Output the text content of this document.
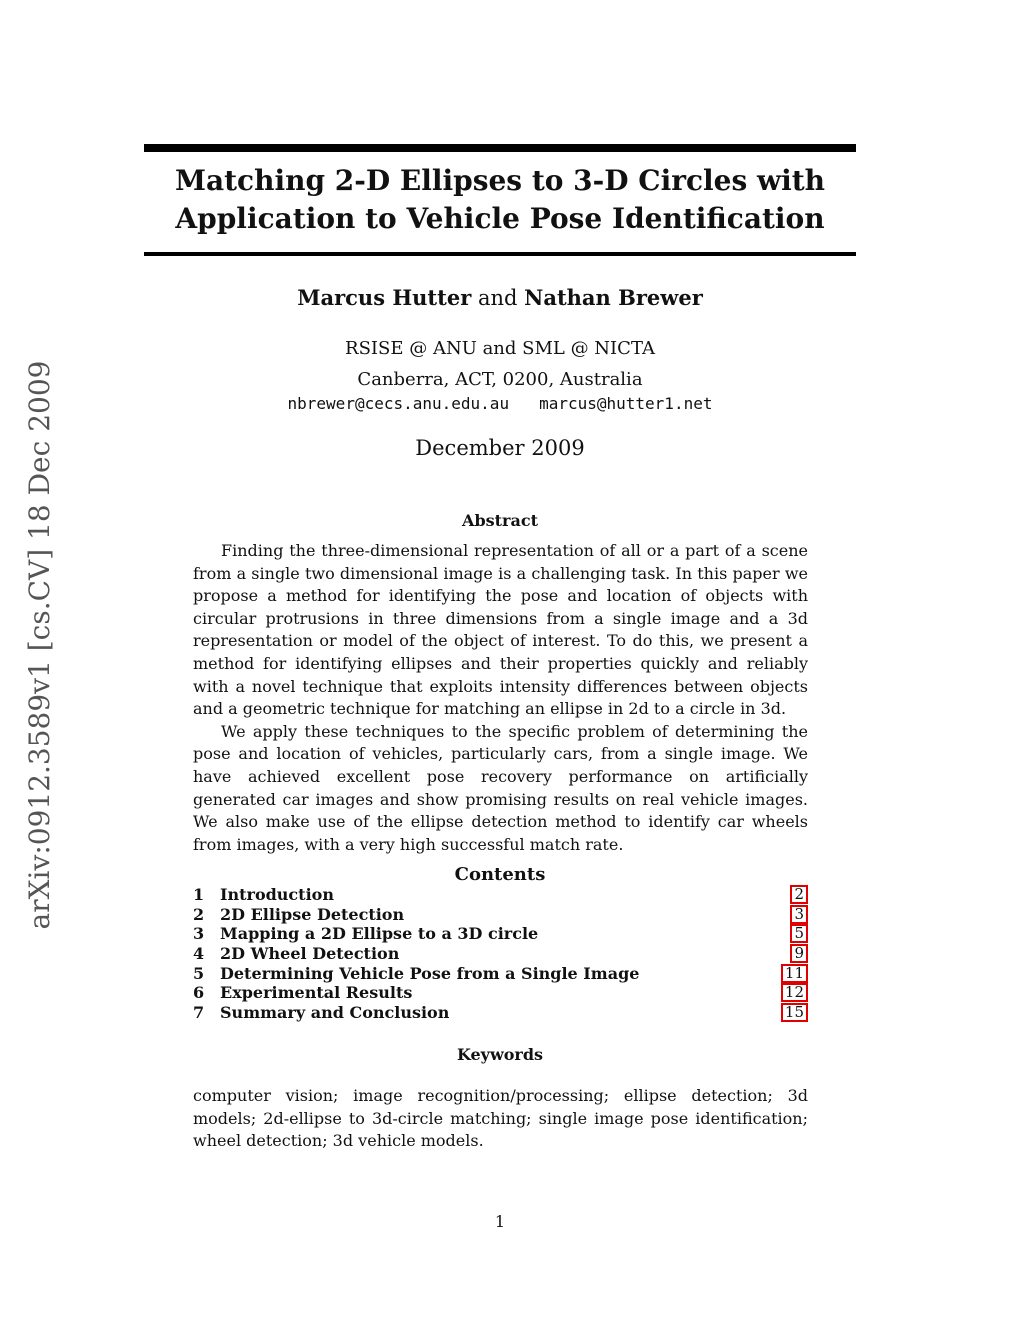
arXiv:0912.3589v1 [cs.CV] 18 Dec 2009
Matching 2-D Ellipses to 3-D Circles with
Application to Vehicle Pose Identification
Marcus Hutter and Nathan Brewer
RSISE @ ANU and SML @ NICTA
Canberra, ACT, 0200, Australia
nbrewer@cecs.anu.edu.au marcus@hutter1.net
December 2009
Abstract

Finding the three-dimensional representation of all or a part of a scene from a single two dimensional image is a challenging task. In this paper we propose a method for identifying the pose and location of objects with circular protrusions in three dimensions from a single image and a 3d representation or model of the object of interest. To do this, we present a method for identifying ellipses and their properties quickly and reliably with a novel technique that exploits intensity differences between objects and a geometric technique for matching an ellipse in 2d to a circle in 3d.

We apply these techniques to the specific problem of determining the pose and location of vehicles, particularly cars, from a single image. We have achieved excellent pose recovery performance on artificially generated car images and show promising results on real vehicle images. We also make use of the ellipse detection method to identify car wheels from images, with a very high successful match rate.

Contents
1 Introduction	2
2 2D Ellipse Detection	3
3 Mapping a 2D Ellipse to a 3D circle	5
4 2D Wheel Detection	9
5 Determining Vehicle Pose from a Single Image	11
6 Experimental Results	12
7 Summary and Conclusion	15
Keywords

computer vision; image recognition/processing; ellipse detection; 3d models; 2d-ellipse to 3d-circle matching; single image pose identification; wheel detection; 3d vehicle models.

1
